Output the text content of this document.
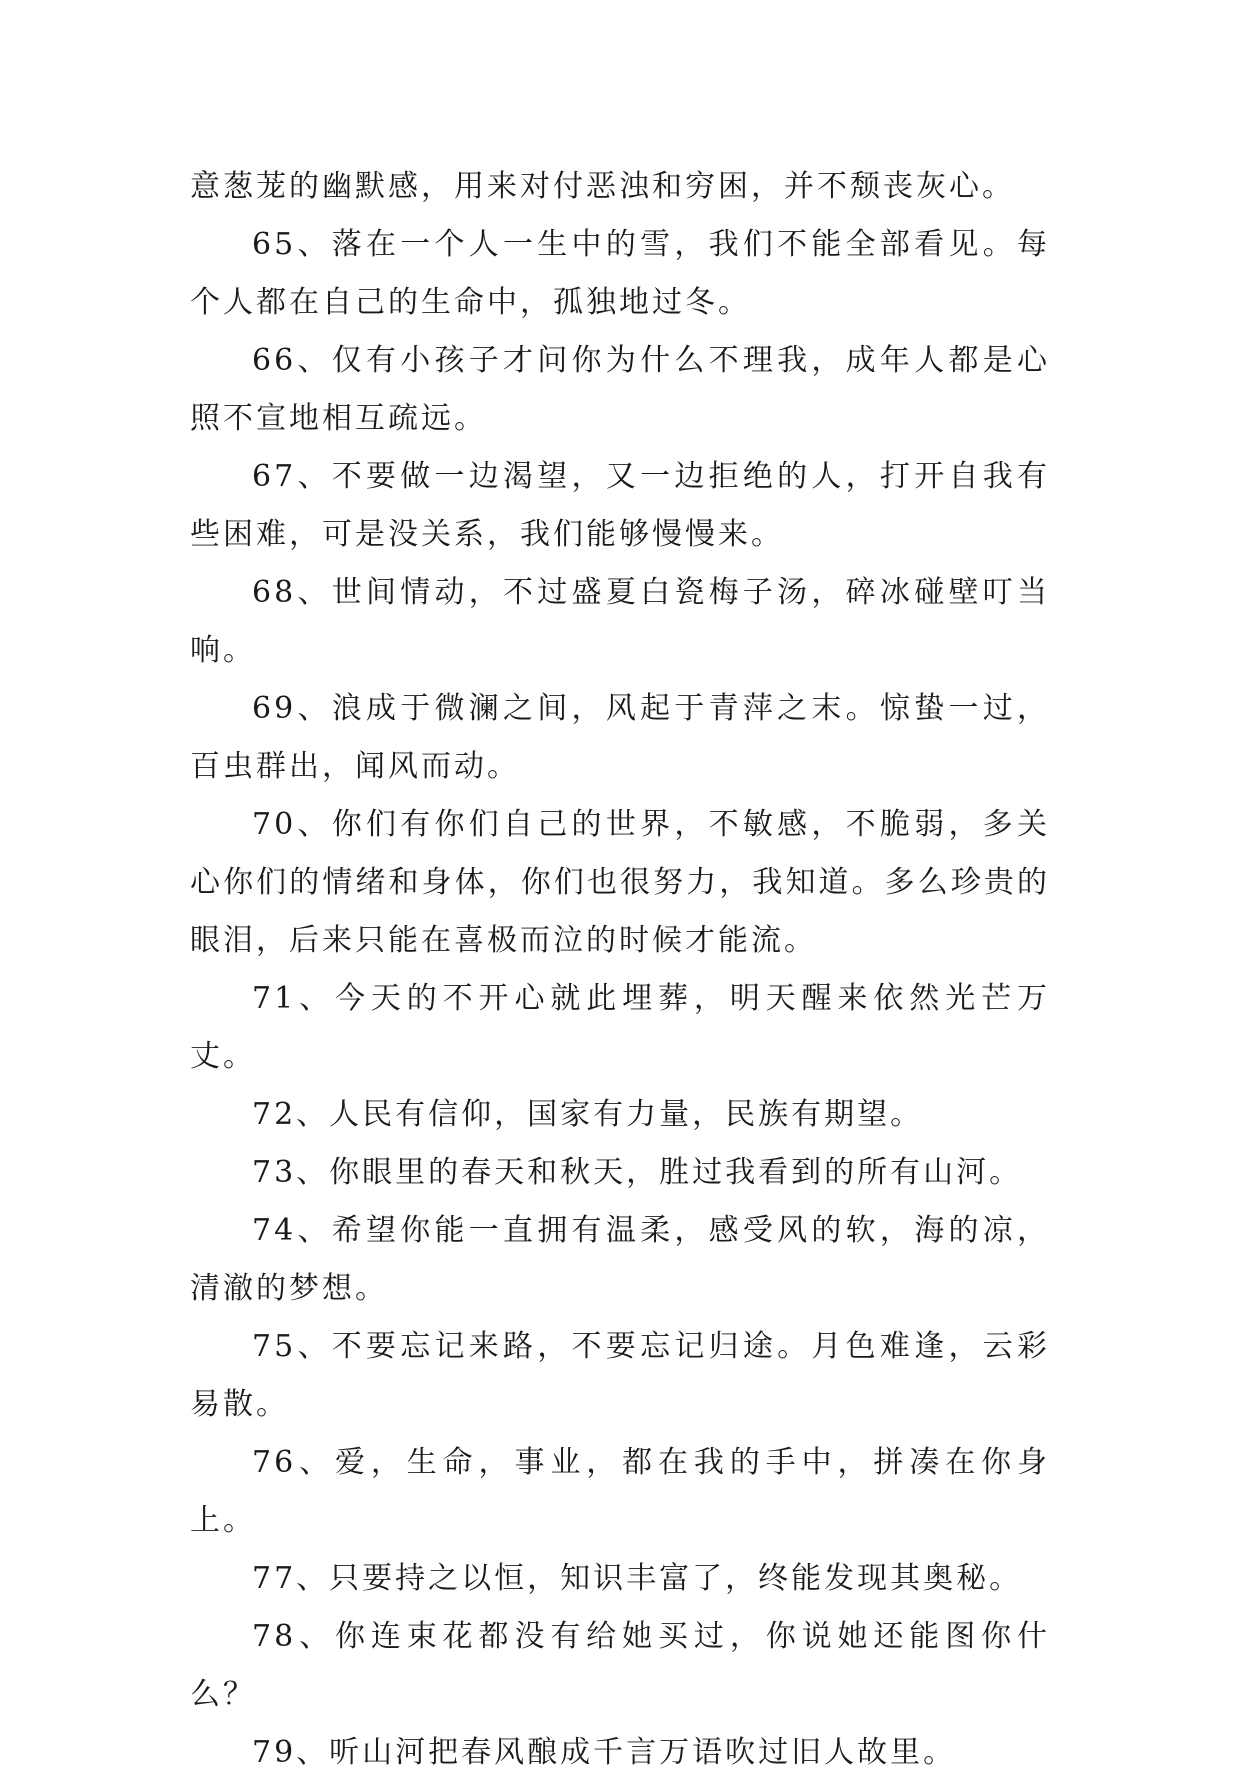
意葱茏的幽默感，用来对付恶浊和穷困，并不颓丧灰心。

65、落在一个人一生中的雪，我们不能全部看见。每个人都在自己的生命中，孤独地过冬。

66、仅有小孩子才问你为什么不理我，成年人都是心照不宣地相互疏远。

67、不要做一边渴望，又一边拒绝的人，打开自我有些困难，可是没关系，我们能够慢慢来。

68、世间情动，不过盛夏白瓷梅子汤，碎冰碰壁叮当响。

69、浪成于微澜之间，风起于青萍之末。惊蛰一过，百虫群出，闻风而动。

70、你们有你们自己的世界，不敏感，不脆弱，多关心你们的情绪和身体，你们也很努力，我知道。多么珍贵的眼泪，后来只能在喜极而泣的时候才能流。

71、今天的不开心就此埋葬，明天醒来依然光芒万丈。

72、人民有信仰，国家有力量，民族有期望。

73、你眼里的春天和秋天，胜过我看到的所有山河。

74、希望你能一直拥有温柔，感受风的软，海的凉，清澈的梦想。

75、不要忘记来路，不要忘记归途。月色难逢，云彩易散。

76、爱，生命，事业，都在我的手中，拼凑在你身上。

77、只要持之以恒，知识丰富了，终能发现其奥秘。

78、你连束花都没有给她买过，你说她还能图你什么？

79、听山河把春风酿成千言万语吹过旧人故里。
